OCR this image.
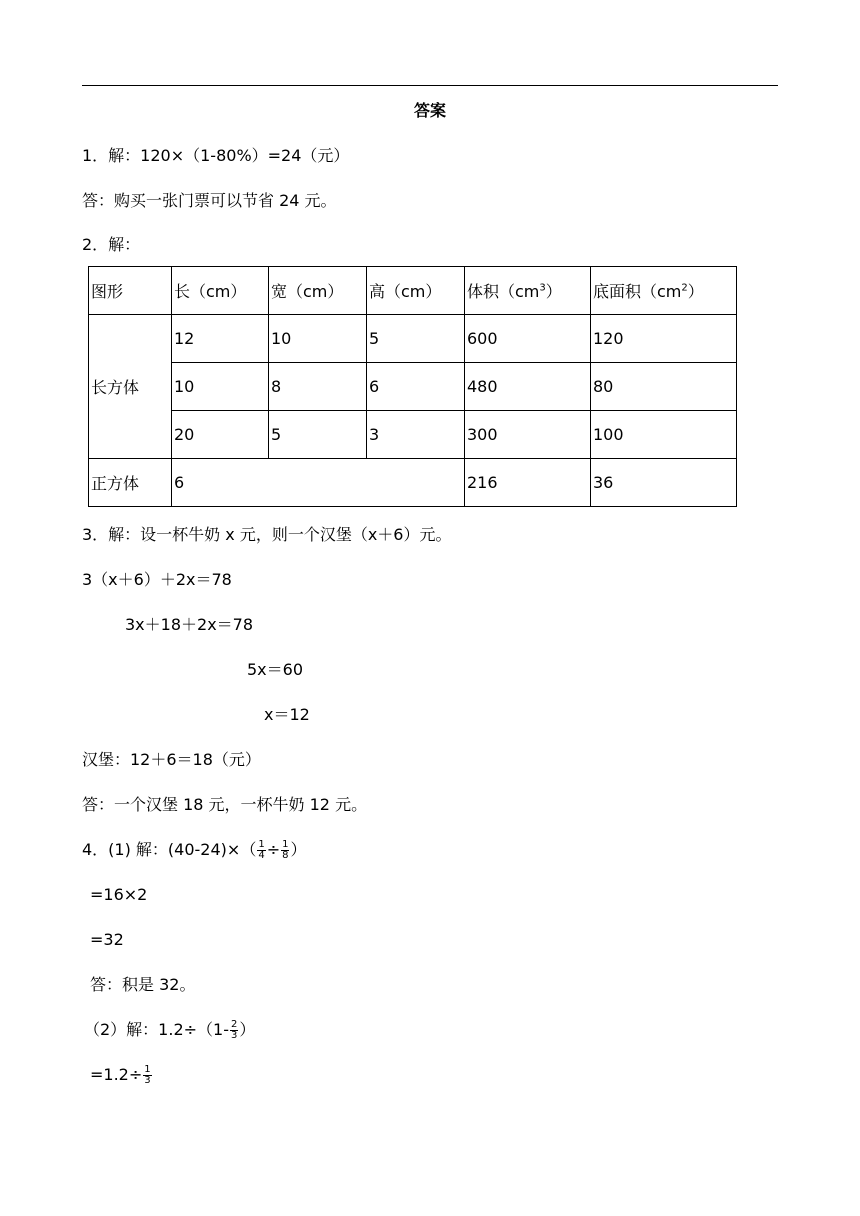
答案
1．解：120×（1-80%）=24（元）
答：购买一张门票可以节省 24 元。
2．解：
图形	长（cm）	宽（cm）	高（cm）	体积$(cm^3)$	底面积$(cm^2)$
长方体	12	10	5	600	120
	10	8	6	480	80
	20	5	3	300	100
正方体	6			216	36
3．解：设一杯牛奶 x 元，则一个汉堡（x＋6）元。
3（x＋6）＋2x＝78
3x＋18＋2x＝78
5x＝60
x＝12
汉堡：12＋6＝18（元）
答：一个汉堡 18 元，一杯牛奶 12 元。
4．(1) 解：$(40-24)\times( \frac{1}{4} \div \frac{1}{8}$ ）
=16×2
=32
答：积是 32。
（2）解：$1.2\div(1- \frac{2}{3}$ ）
$=1.2\div \frac{1}{3}$
